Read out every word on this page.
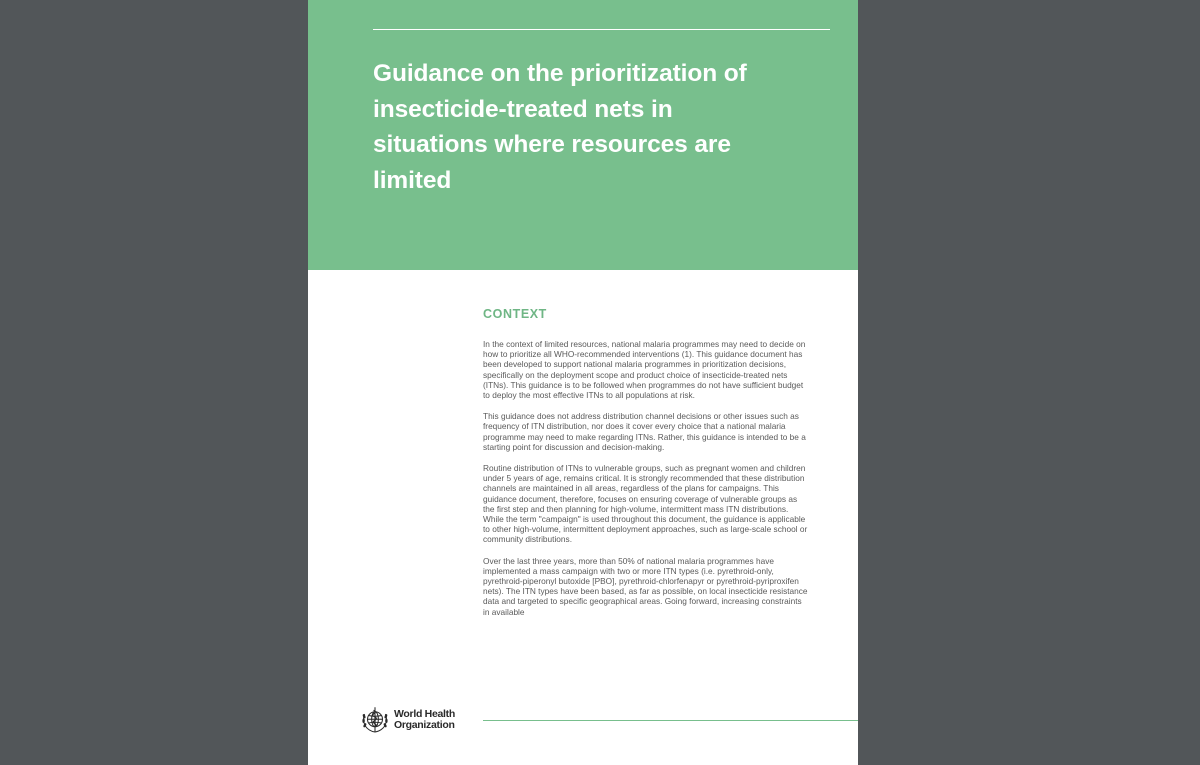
Guidance on the prioritization of insecticide-treated nets in situations where resources are limited
CONTEXT

In the context of limited resources, national malaria programmes may need to decide on how to prioritize all WHO-recommended interventions (1). This guidance document has been developed to support national malaria programmes in prioritization decisions, specifically on the deployment scope and product choice of insecticide-treated nets (ITNs). This guidance is to be followed when programmes do not have sufficient budget to deploy the most effective ITNs to all populations at risk.

This guidance does not address distribution channel decisions or other issues such as frequency of ITN distribution, nor does it cover every choice that a national malaria programme may need to make regarding ITNs. Rather, this guidance is intended to be a starting point for discussion and decision-making.

Routine distribution of ITNs to vulnerable groups, such as pregnant women and children under 5 years of age, remains critical. It is strongly recommended that these distribution channels are maintained in all areas, regardless of the plans for campaigns. This guidance document, therefore, focuses on ensuring coverage of vulnerable groups as the first step and then planning for high-volume, intermittent mass ITN distributions. While the term "campaign" is used throughout this document, the guidance is applicable to other high-volume, intermittent deployment approaches, such as large-scale school or community distributions.

Over the last three years, more than 50% of national malaria programmes have implemented a mass campaign with two or more ITN types (i.e. pyrethroid-only, pyrethroid-piperonyl butoxide [PBO], pyrethroid-chlorfenapyr or pyrethroid-pyriproxifen nets). The ITN types have been based, as far as possible, on local insecticide resistance data and targeted to specific geographical areas. Going forward, increasing constraints in available

World Health
Organization
